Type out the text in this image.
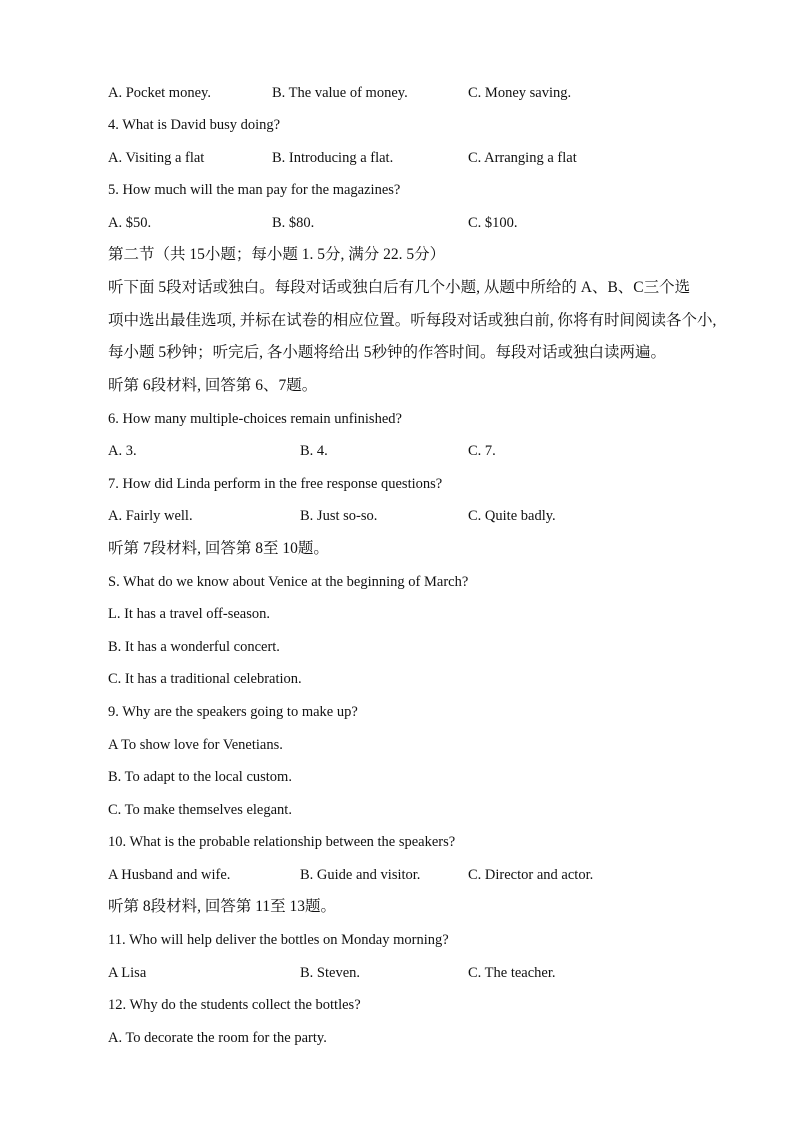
A. Pocket money.	B. The value of money.	C. Money saving.
4. What is David busy doing?
A. Visiting a flat	B. Introducing a flat.	C. Arranging a flat
5. How much will the man pay for the magazines?
A. $50.	B. $80.	C. $100.
第二节（共 15小题；每小题 1. 5分, 满分 22. 5分）
听下面 5段对话或独白。每段对话或独白后有几个小题, 从题中所给的 A、B、C三个选
项中选出最佳选项, 并标在试卷的相应位置。听每段对话或独白前, 你将有时间阅读各个小,
每小题 5秒钟；听完后, 各小题将给出 5秒钟的作答时间。每段对话或独白读两遍。
昕第 6段材料, 回答第 6、7题。
6. How many multiple-choices remain unfinished?
A. 3.	B. 4.	C. 7.
7. How did Linda perform in the free response questions?
A. Fairly well.	B. Just so-so.	C. Quite badly.
听第 7段材料, 回答第 8至 10题。
S. What do we know about Venice at the beginning of March?
L. It has a travel off-season.
B. It has a wonderful concert.
C. It has a traditional celebration.
9. Why are the speakers going to make up?
A To show love for Venetians.
B. To adapt to the local custom.
C. To make themselves elegant.
10. What is the probable relationship between the speakers?
A Husband and wife.	B. Guide and visitor.	C. Director and actor.
听第 8段材料, 回答第 11至 13题。
11. Who will help deliver the bottles on Monday morning?
A Lisa	B. Steven.	C. The teacher.
12. Why do the students collect the bottles?
A. To decorate the room for the party.
